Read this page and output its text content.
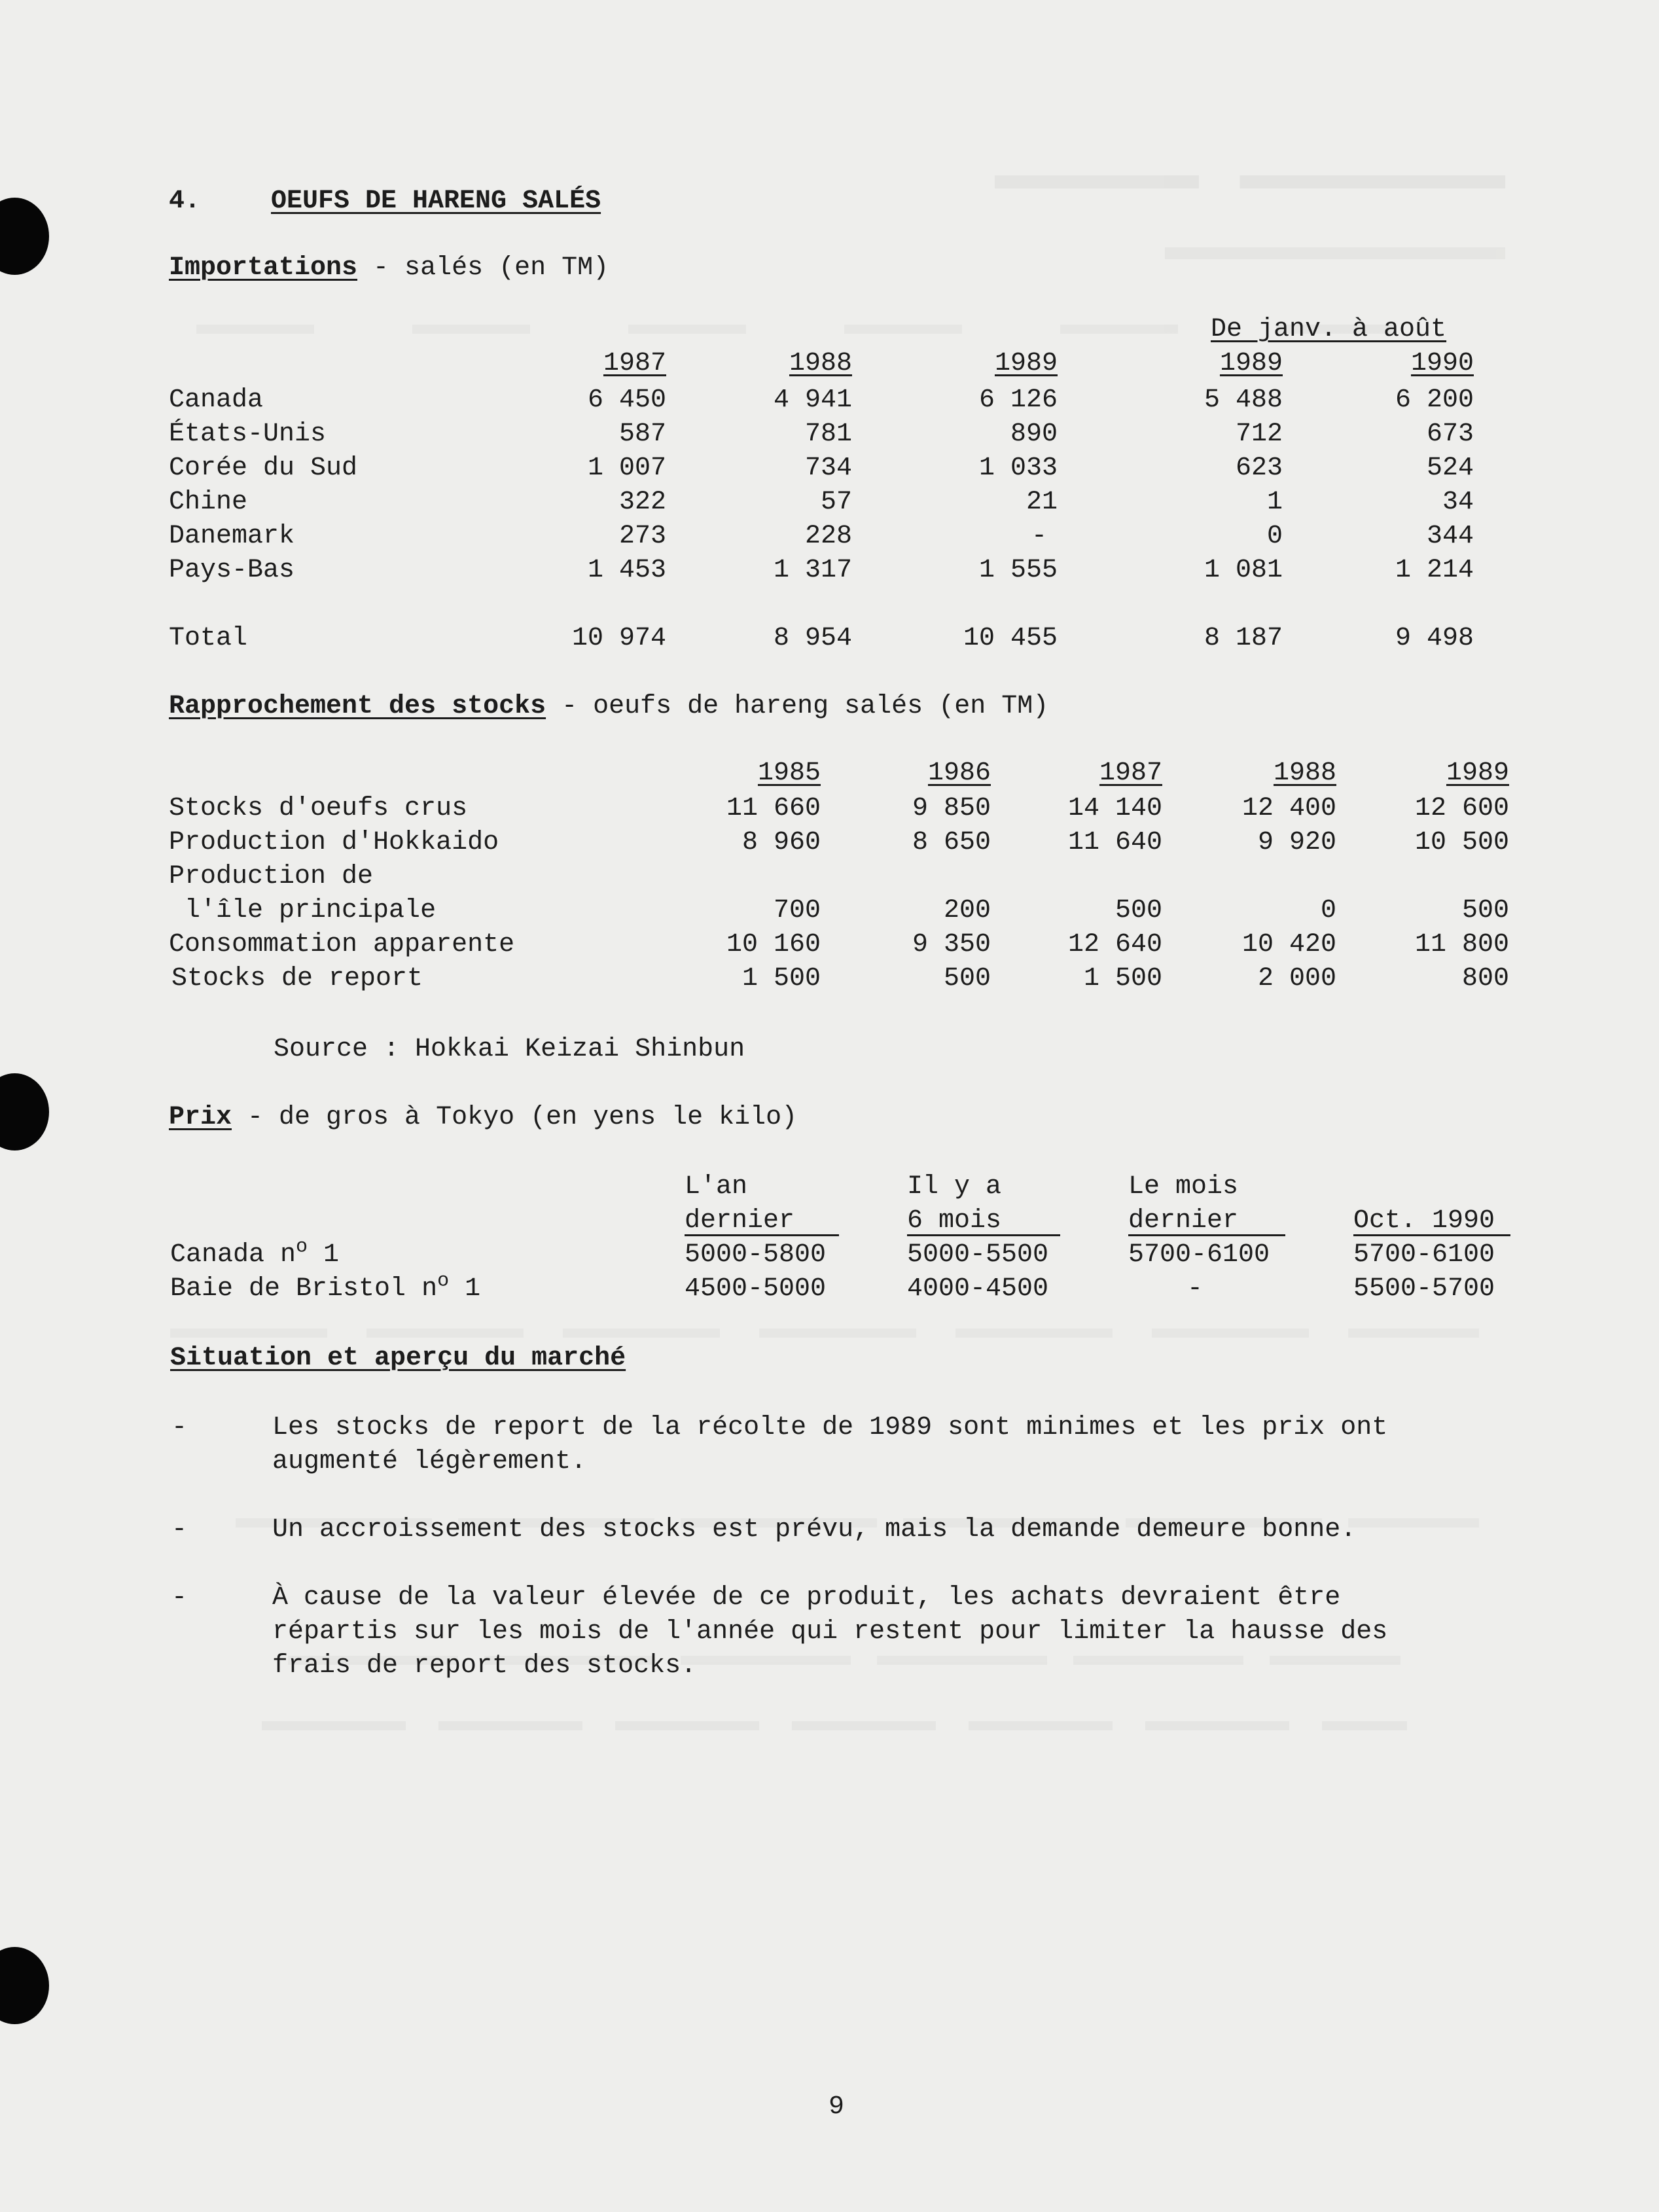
4.	OEUFS DE HARENG SALÉS
Importations - salés (en TM)
De janv. à août
1987	1988	1989	1989	1990
Canada	6 450	4 941	6 126	5 488	6 200
États-Unis	587	781	890	712	673
Corée du Sud	1 007	734	1 033	623	524
Chine	322	57	21	1	34
Danemark	273	228	-	0	344
Pays-Bas	1 453	1 317	1 555	1 081	1 214
Total	10 974	8 954	10 455	8 187	9 498
Rapprochement des stocks - oeufs de hareng salés (en TM)
1985	1986	1987	1988	1989
Stocks d'oeufs crus	11 660	9 850	14 140	12 400	12 600
Production d'Hokkaido	8 960	8 650	11 640	9 920	10 500
Production de
l'île principale	700	200	500	0	500
Consommation apparente	10 160	9 350	12 640	10 420	11 800
Stocks de report	1 500	500	1 500	2 000	800
Source : Hokkai Keizai Shinbun
Prix - de gros à Tokyo (en yens le kilo)
L'an	Il y a	Le mois
dernier	6 mois	dernier	Oct. 1990
Canada $n^o$ 1	5000-5800	5000-5500	5700-6100	5700-6100
Baie de Bristol $n^o$ 1	4500-5000	4000-4500	-	5500-5700
Situation et aperçu du marché
-	Les stocks de report de la récolte de 1989 sont minimes et les prix ont
augmenté légèrement.
-	Un accroissement des stocks est prévu, mais la demande demeure bonne.
-	À cause de la valeur élevée de ce produit, les achats devraient être
répartis sur les mois de l'année qui restent pour limiter la hausse des
frais de report des stocks.
9
